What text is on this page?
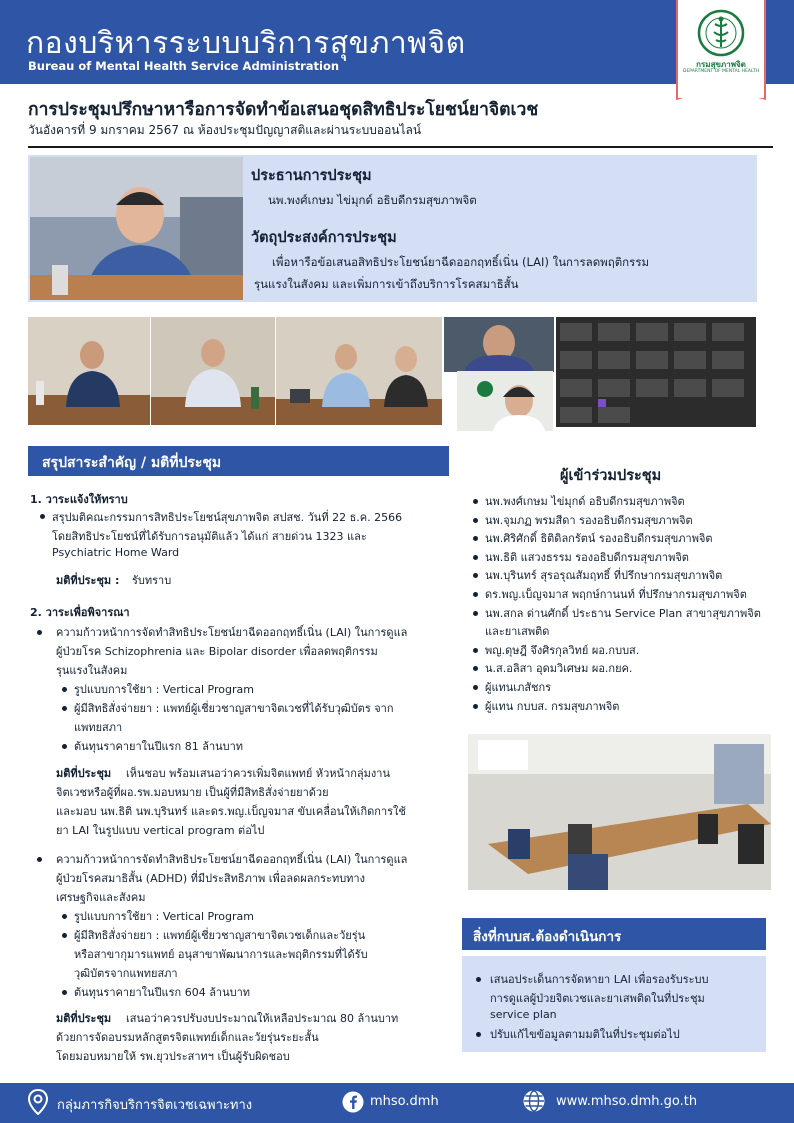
กองบริหารระบบบริการสุขภาพจิต
Bureau of Mental Health Service Administration	กรมสุขภาพจิต
DEPARTMENT OF MENTAL HEALTH
การประชุมปรึกษาหารือการจัดทำข้อเสนอชุดสิทธิประโยชน์ยาจิตเวช
วันอังคารที่ 9 มกราคม 2567 ณ ห้องประชุมปัญญาสติและผ่านระบบออนไลน์
ประธานการประชุม
นพ.พงศ์เกษม ไข่มุกด์ อธิบดีกรมสุขภาพจิต
วัตถุประสงค์การประชุม
เพื่อหารือข้อเสนอสิทธิประโยชน์ยาฉีดออกฤทธิ์เนิ่น (LAI) ในการลดพฤติกรรม
รุนแรงในสังคม และเพิ่มการเข้าถึงบริการโรคสมาธิสั้น
สรุปสาระสำคัญ / มติที่ประชุม
1. วาระแจ้งให้ทราบ
สรุปมติคณะกรรมการสิทธิประโยชน์สุขภาพจิต สปสช. วันที่ 22 ธ.ค. 2566
โดยสิทธิประโยชน์ที่ได้รับการอนุมัติแล้ว ได้แก่ สายด่วน 1323 และ
Psychiatric Home Ward
มติที่ประชุม : รับทราบ
2. วาระเพื่อพิจารณา
ความก้าวหน้าการจัดทำสิทธิประโยชน์ยาฉีดออกฤทธิ์เนิ่น (LAI) ในการดูแล
ผู้ป่วยโรค Schizophrenia และ Bipolar disorder เพื่อลดพฤติกรรม
รุนแรงในสังคม
รูปแบบการใช้ยา : Vertical Program
ผู้มีสิทธิสั่งจ่ายยา : แพทย์ผู้เชี่ยวชาญสาขาจิตเวชที่ได้รับวุฒิบัตร จาก
แพทยสภา
ต้นทุนราคายาในปีแรก 81 ล้านบาท
มติที่ประชุม เห็นชอบ พร้อมเสนอว่าควรเพิ่มจิตแพทย์ หัวหน้ากลุ่มงาน
จิตเวชหรือผู้ที่ผอ.รพ.มอบหมาย เป็นผู้ที่มีสิทธิสั่งจ่ายยาด้วย
และมอบ นพ.ธิติ นพ.บุรินทร์ และดร.พญ.เบ็ญจมาส ขับเคลื่อนให้เกิดการใช้
ยา LAI ในรูปแบบ vertical program ต่อไป
ความก้าวหน้าการจัดทำสิทธิประโยชน์ยาฉีดออกฤทธิ์เนิ่น (LAI) ในการดูแล
ผู้ป่วยโรคสมาธิสั้น (ADHD) ที่มีประสิทธิภาพ เพื่อลดผลกระทบทาง
เศรษฐกิจและสังคม
รูปแบบการใช้ยา : Vertical Program
ผู้มีสิทธิสั่งจ่ายยา : แพทย์ผู้เชี่ยวชาญสาขาจิตเวชเด็กและวัยรุ่น
หรือสาขากุมารแพทย์ อนุสาขาพัฒนาการและพฤติกรรมที่ได้รับ
วุฒิบัตรจากแพทยสภา
ต้นทุนราคายาในปีแรก 604 ล้านบาท
มติที่ประชุม เสนอว่าควรปรับงบประมาณให้เหลือประมาณ 80 ล้านบาท
ด้วยการจัดอบรมหลักสูตรจิตแพทย์เด็กและวัยรุ่นระยะสั้น
โดยมอบหมายให้ รพ.ยุวประสาทฯ เป็นผู้รับผิดชอบ
ผู้เข้าร่วมประชุม
นพ.พงศ์เกษม ไข่มุกด์ อธิบดีกรมสุขภาพจิต
นพ.จุมภฏ พรมสีดา รองอธิบดีกรมสุขภาพจิต
นพ.ศิริศักดิ์ ธิติดิลกรัตน์ รองอธิบดีกรมสุขภาพจิต
นพ.ธิติ แสวงธรรม รองอธิบดีกรมสุขภาพจิต
นพ.บุรินทร์ สุรอรุณสัมฤทธิ์ ที่ปรึกษากรมสุขภาพจิต
ดร.พญ.เบ็ญจมาส พฤกษ์กานนท์ ที่ปรึกษากรมสุขภาพจิต
นพ.สกล ด่านศักดิ์ ประธาน Service Plan สาขาสุขภาพจิต
และยาเสพติด
พญ.ดุษฎี จึงศิรกุลวิทย์ ผอ.กบบส.
น.ส.อลิสา อุดมวิเศษม ผอ.กยค.
ผู้แทนเภสัชกร
ผู้แทน กบบส. กรมสุขภาพจิต
สิ่งที่กบบส.ต้องดำเนินการ
เสนอประเด็นการจัดหายา LAI เพื่อรองรับระบบ
การดูแลผู้ป่วยจิตเวชและยาเสพติดในที่ประชุม
service plan
ปรับแก้ไขข้อมูลตามมติในที่ประชุมต่อไป
กลุ่มภารกิจบริการจิตเวชเฉพาะทาง	mhso.dmh	www.mhso.dmh.go.th
